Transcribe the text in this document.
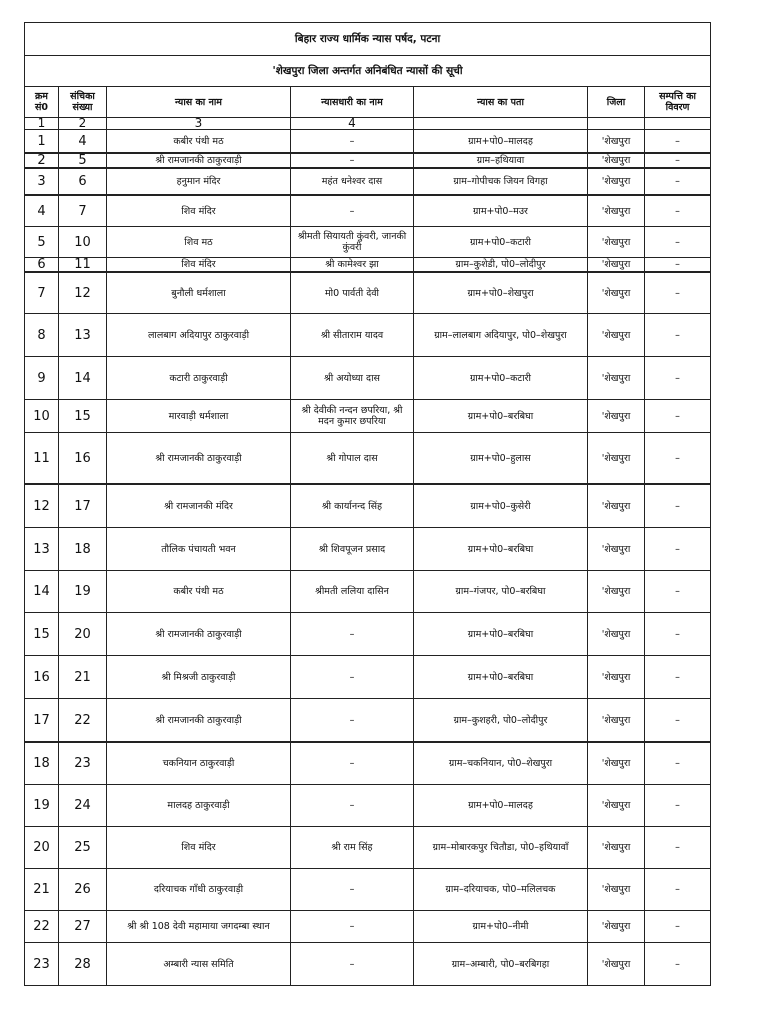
बिहार राज्य धार्मिक न्यास पर्षद, पटना						
'शेखपुरा जिला अन्तर्गत अनिबंधित न्यासों की सूची						
क्रम सं0	संचिका संख्या	न्यास का नाम	न्यासधारी का नाम	न्यास का पता	जिला	सम्पत्ति का विवरण
1	2	3	4			
1	4	कबीर पंथी मठ	–	ग्राम+पो0–मालदह	'शेखपुरा	–
2	5	श्री रामजानकी ठाकुरवाड़ी	–	ग्राम–हथियावा	'शेखपुरा	–
3	6	हनुमान मंदिर	महंत धनेश्वर दास	ग्राम–गोपीचक जियन विगहा	'शेखपुरा	–
4	7	शिव मंदिर	–	ग्राम+पो0–मउर	'शेखपुरा	–
5	10	शिव मठ	श्रीमती सियायती कुंवरी, जानकी कुंवरी	ग्राम+पो0–कटारी	'शेखपुरा	–
6	11	शिव मंदिर	श्री कामेश्वर झा	ग्राम–कुशेडी, पो0–लोदीपुर	'शेखपुरा	–
7	12	बुनौली धर्मशाला	मो0 पार्वती देवी	ग्राम+पो0–शेखपुरा	'शेखपुरा	–
8	13	लालबाग अदियापुर ठाकुरवाड़ी	श्री सीताराम यादव	ग्राम–लालबाग अदियापुर, पो0–शेखपुरा	'शेखपुरा	–
9	14	कटारी ठाकुरवाड़ी	श्री अयोध्या दास	ग्राम+पो0–कटारी	'शेखपुरा	–
10	15	मारवाड़ी धर्मशाला	श्री देवीकी नन्दन छपरिया, श्री मदन कुमार छपरिया	ग्राम+पो0–बरबिघा	'शेखपुरा	–
11	16	श्री रामजानकी ठाकुरवाड़ी	श्री गोपाल दास	ग्राम+पो0–हुलास	'शेखपुरा	–
12	17	श्री रामजानकी मंदिर	श्री कार्यानन्द सिंह	ग्राम+पो0–कुसेरी	'शेखपुरा	–
13	18	तौलिक पंचायती भवन	श्री शिवपूजन प्रसाद	ग्राम+पो0–बरबिघा	'शेखपुरा	–
14	19	कबीर पंथी मठ	श्रीमती ललिया दासिन	ग्राम–गंजपर, पो0–बरबिघा	'शेखपुरा	–
15	20	श्री रामजानकी ठाकुरवाड़ी	–	ग्राम+पो0–बरबिघा	'शेखपुरा	–
16	21	श्री मिश्रजी ठाकुरवाड़ी	–	ग्राम+पो0–बरबिघा	'शेखपुरा	–
17	22	श्री रामजानकी ठाकुरवाड़ी	–	ग्राम–कुशहरी, पो0–लोदीपुर	'शेखपुरा	–
18	23	चकनियान ठाकुरवाड़ी	–	ग्राम–चकनियान, पो0–शेखपुरा	'शेखपुरा	–
19	24	मालदह ठाकुरवाड़ी	–	ग्राम+पो0–मालदह	'शेखपुरा	–
20	25	शिव मंदिर	श्री राम सिंह	ग्राम–मोबारकपुर चितौडा, पो0–हथियावाँ	'शेखपुरा	–
21	26	दरियाचक गाँधी ठाकुरवाड़ी	–	ग्राम–दरियाचक, पो0–मलिलचक	'शेखपुरा	–
22	27	श्री श्री 108 देवी महामाया जगदम्बा स्थान	–	ग्राम+पो0–नीमी	'शेखपुरा	–
23	28	अम्बारी न्यास समिति	–	ग्राम–अम्बारी, पो0–बरबिगहा	'शेखपुरा	–
